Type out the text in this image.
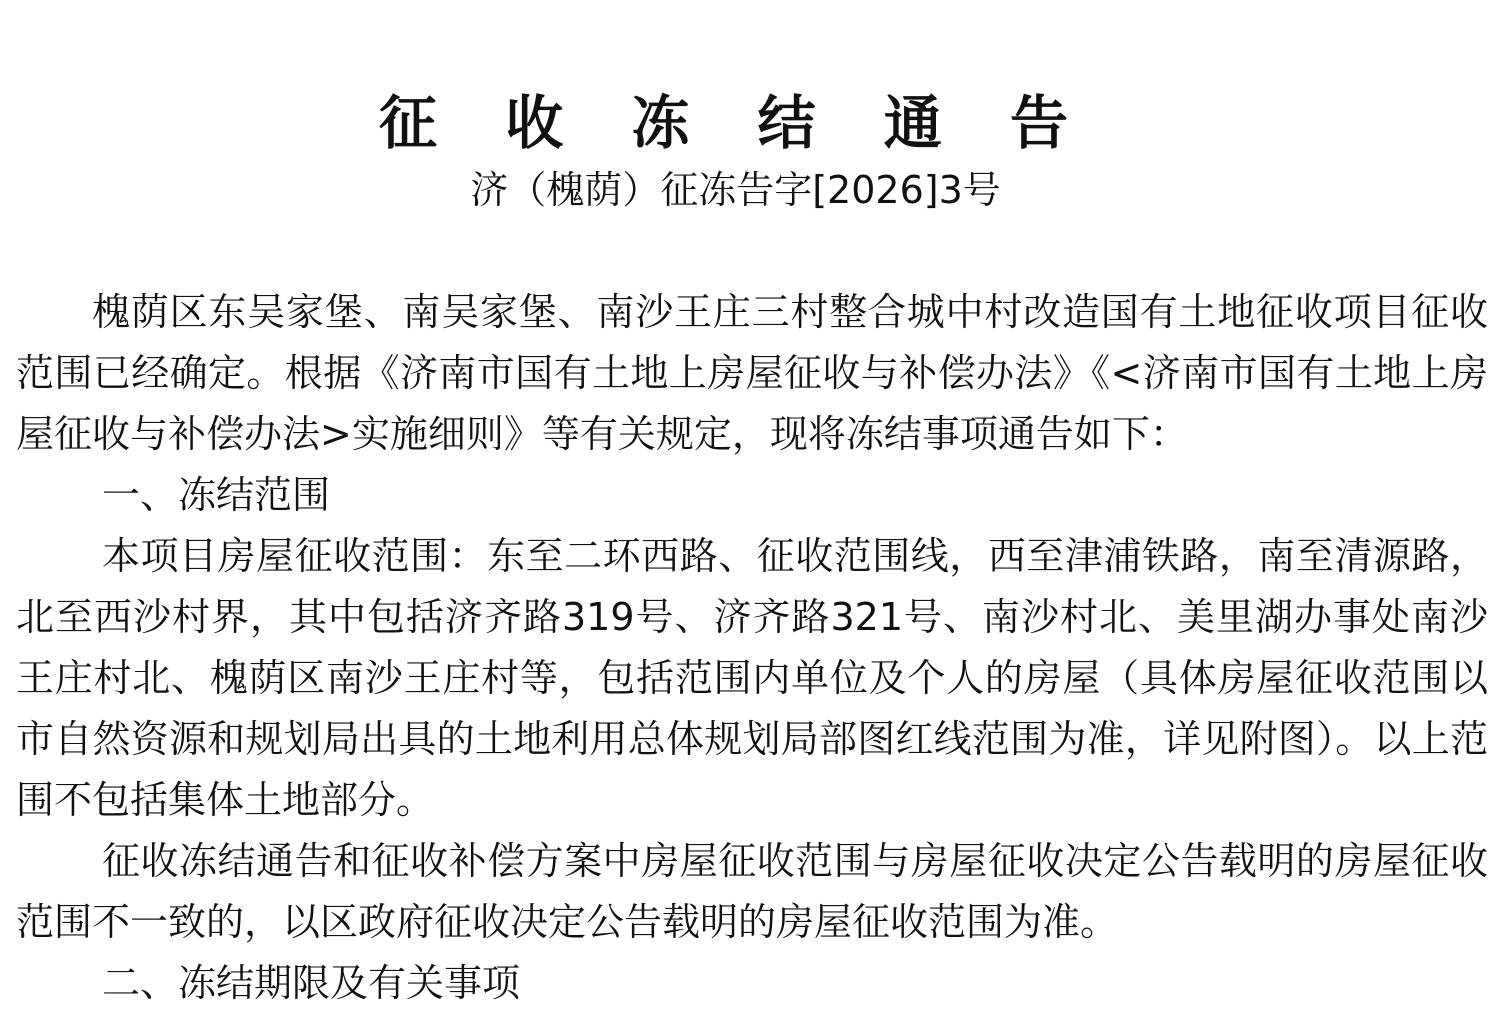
征 收 冻 结 通 告
济（槐荫）征冻告字[2026]3号

槐荫区东吴家堡、南吴家堡、南沙王庄三村整合城中村改造国有土地征收项目征收范围已经确定。根据《济南市国有土地上房屋征收与补偿办法》《<济南市国有土地上房屋征收与补偿办法>实施细则》等有关规定，现将冻结事项通告如下：

一、冻结范围

本项目房屋征收范围：东至二环西路、征收范围线，西至津浦铁路，南至清源路，北至西沙村界，其中包括济齐路319号、济齐路321号、南沙村北、美里湖办事处南沙王庄村北、槐荫区南沙王庄村等，包括范围内单位及个人的房屋（具体房屋征收范围以市自然资源和规划局出具的土地利用总体规划局部图红线范围为准，详见附图）。以上范围不包括集体土地部分。

征收冻结通告和征收补偿方案中房屋征收范围与房屋征收决定公告载明的房屋征收范围不一致的，以区政府征收决定公告载明的房屋征收范围为准。

二、冻结期限及有关事项
